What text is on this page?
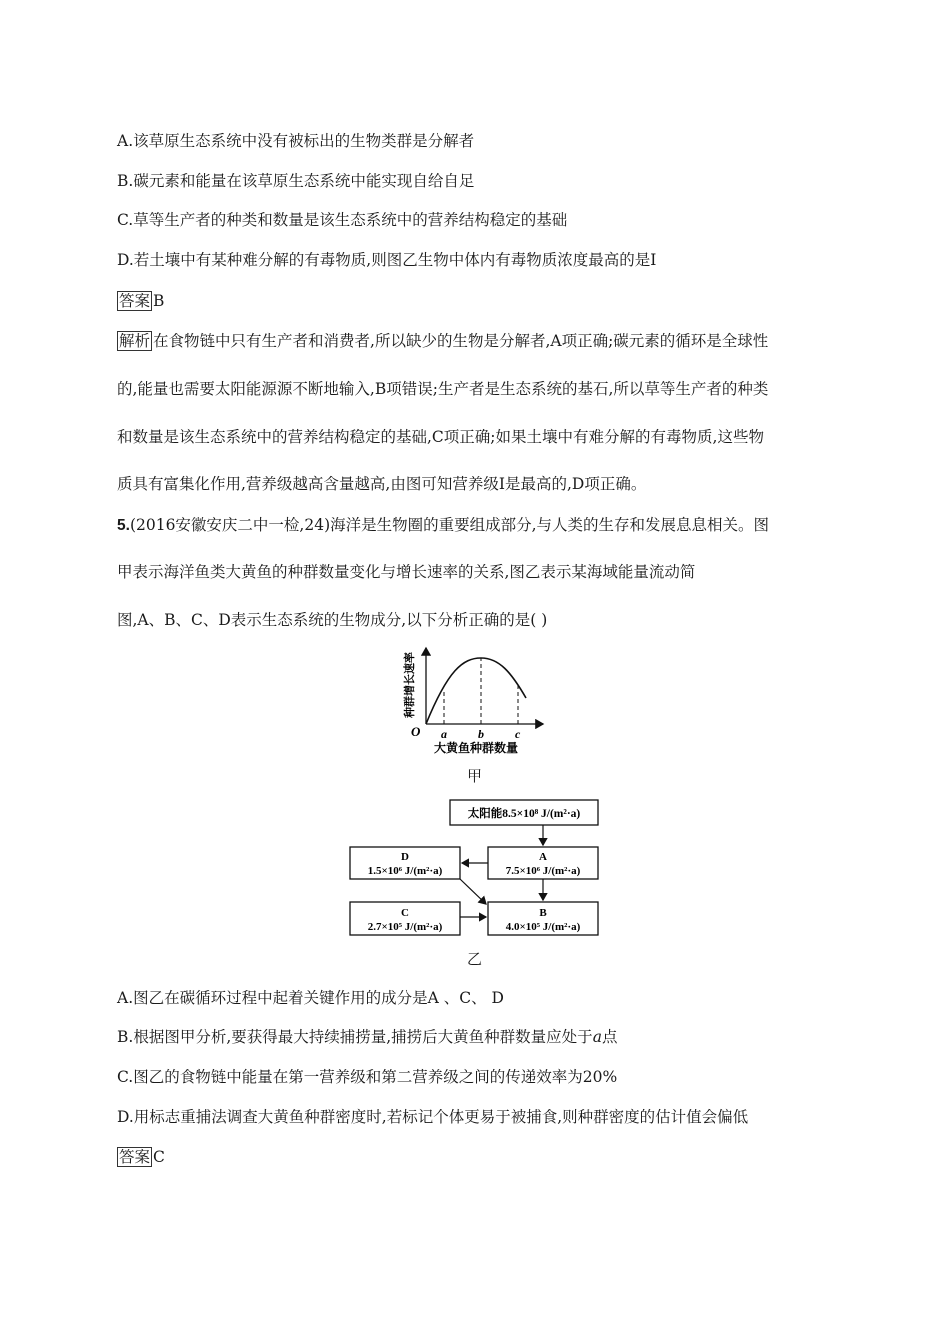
A.该草原生态系统中没有被标出的生物类群是分解者
B.碳元素和能量在该草原生态系统中能实现自给自足
C.草等生产者的种类和数量是该生态系统中的营养结构稳定的基础
D.若土壤中有某种难分解的有毒物质,则图乙生物中体内有毒物质浓度最高的是Ⅰ
答案 B
解析 在食物链中只有生产者和消费者,所以缺少的生物是分解者,A项正确;碳元素的循环是全球性
的,能量也需要太阳能源源不断地输入,B项错误;生产者是生态系统的基石,所以草等生产者的种类
和数量是该生态系统中的营养结构稳定的基础,C项正确;如果土壤中有难分解的有毒物质,这些物
质具有富集化作用,营养级越高含量越高,由图可知营养级Ⅰ是最高的,D项正确。
5.(2016安徽安庆二中一检,24)海洋是生物圈的重要组成部分,与人类的生存和发展息息相关。图
甲表示海洋鱼类大黄鱼的种群数量变化与增长速率的关系,图乙表示某海域能量流动简
图,A、B、C、D表示生态系统的生物成分,以下分析正确的是( )
O a	b	c
大黄鱼种群数量
种群增长速率
甲
太阳能8.5×10⁸ J/(m²·a)
A
7.5×10⁶ J/(m²·a)
D
1.5×10⁶ J/(m²·a)
C
2.7×10⁵ J/(m²·a)
B
4.0×10⁵ J/(m²·a)
乙
A.图乙在碳循环过程中起着关键作用的成分是A 、C、 D
B.根据图甲分析,要获得最大持续捕捞量,捕捞后大黄鱼种群数量应处于a点
C.图乙的食物链中能量在第一营养级和第二营养级之间的传递效率为20%
D.用标志重捕法调查大黄鱼种群密度时,若标记个体更易于被捕食,则种群密度的估计值会偏低
答案 C
